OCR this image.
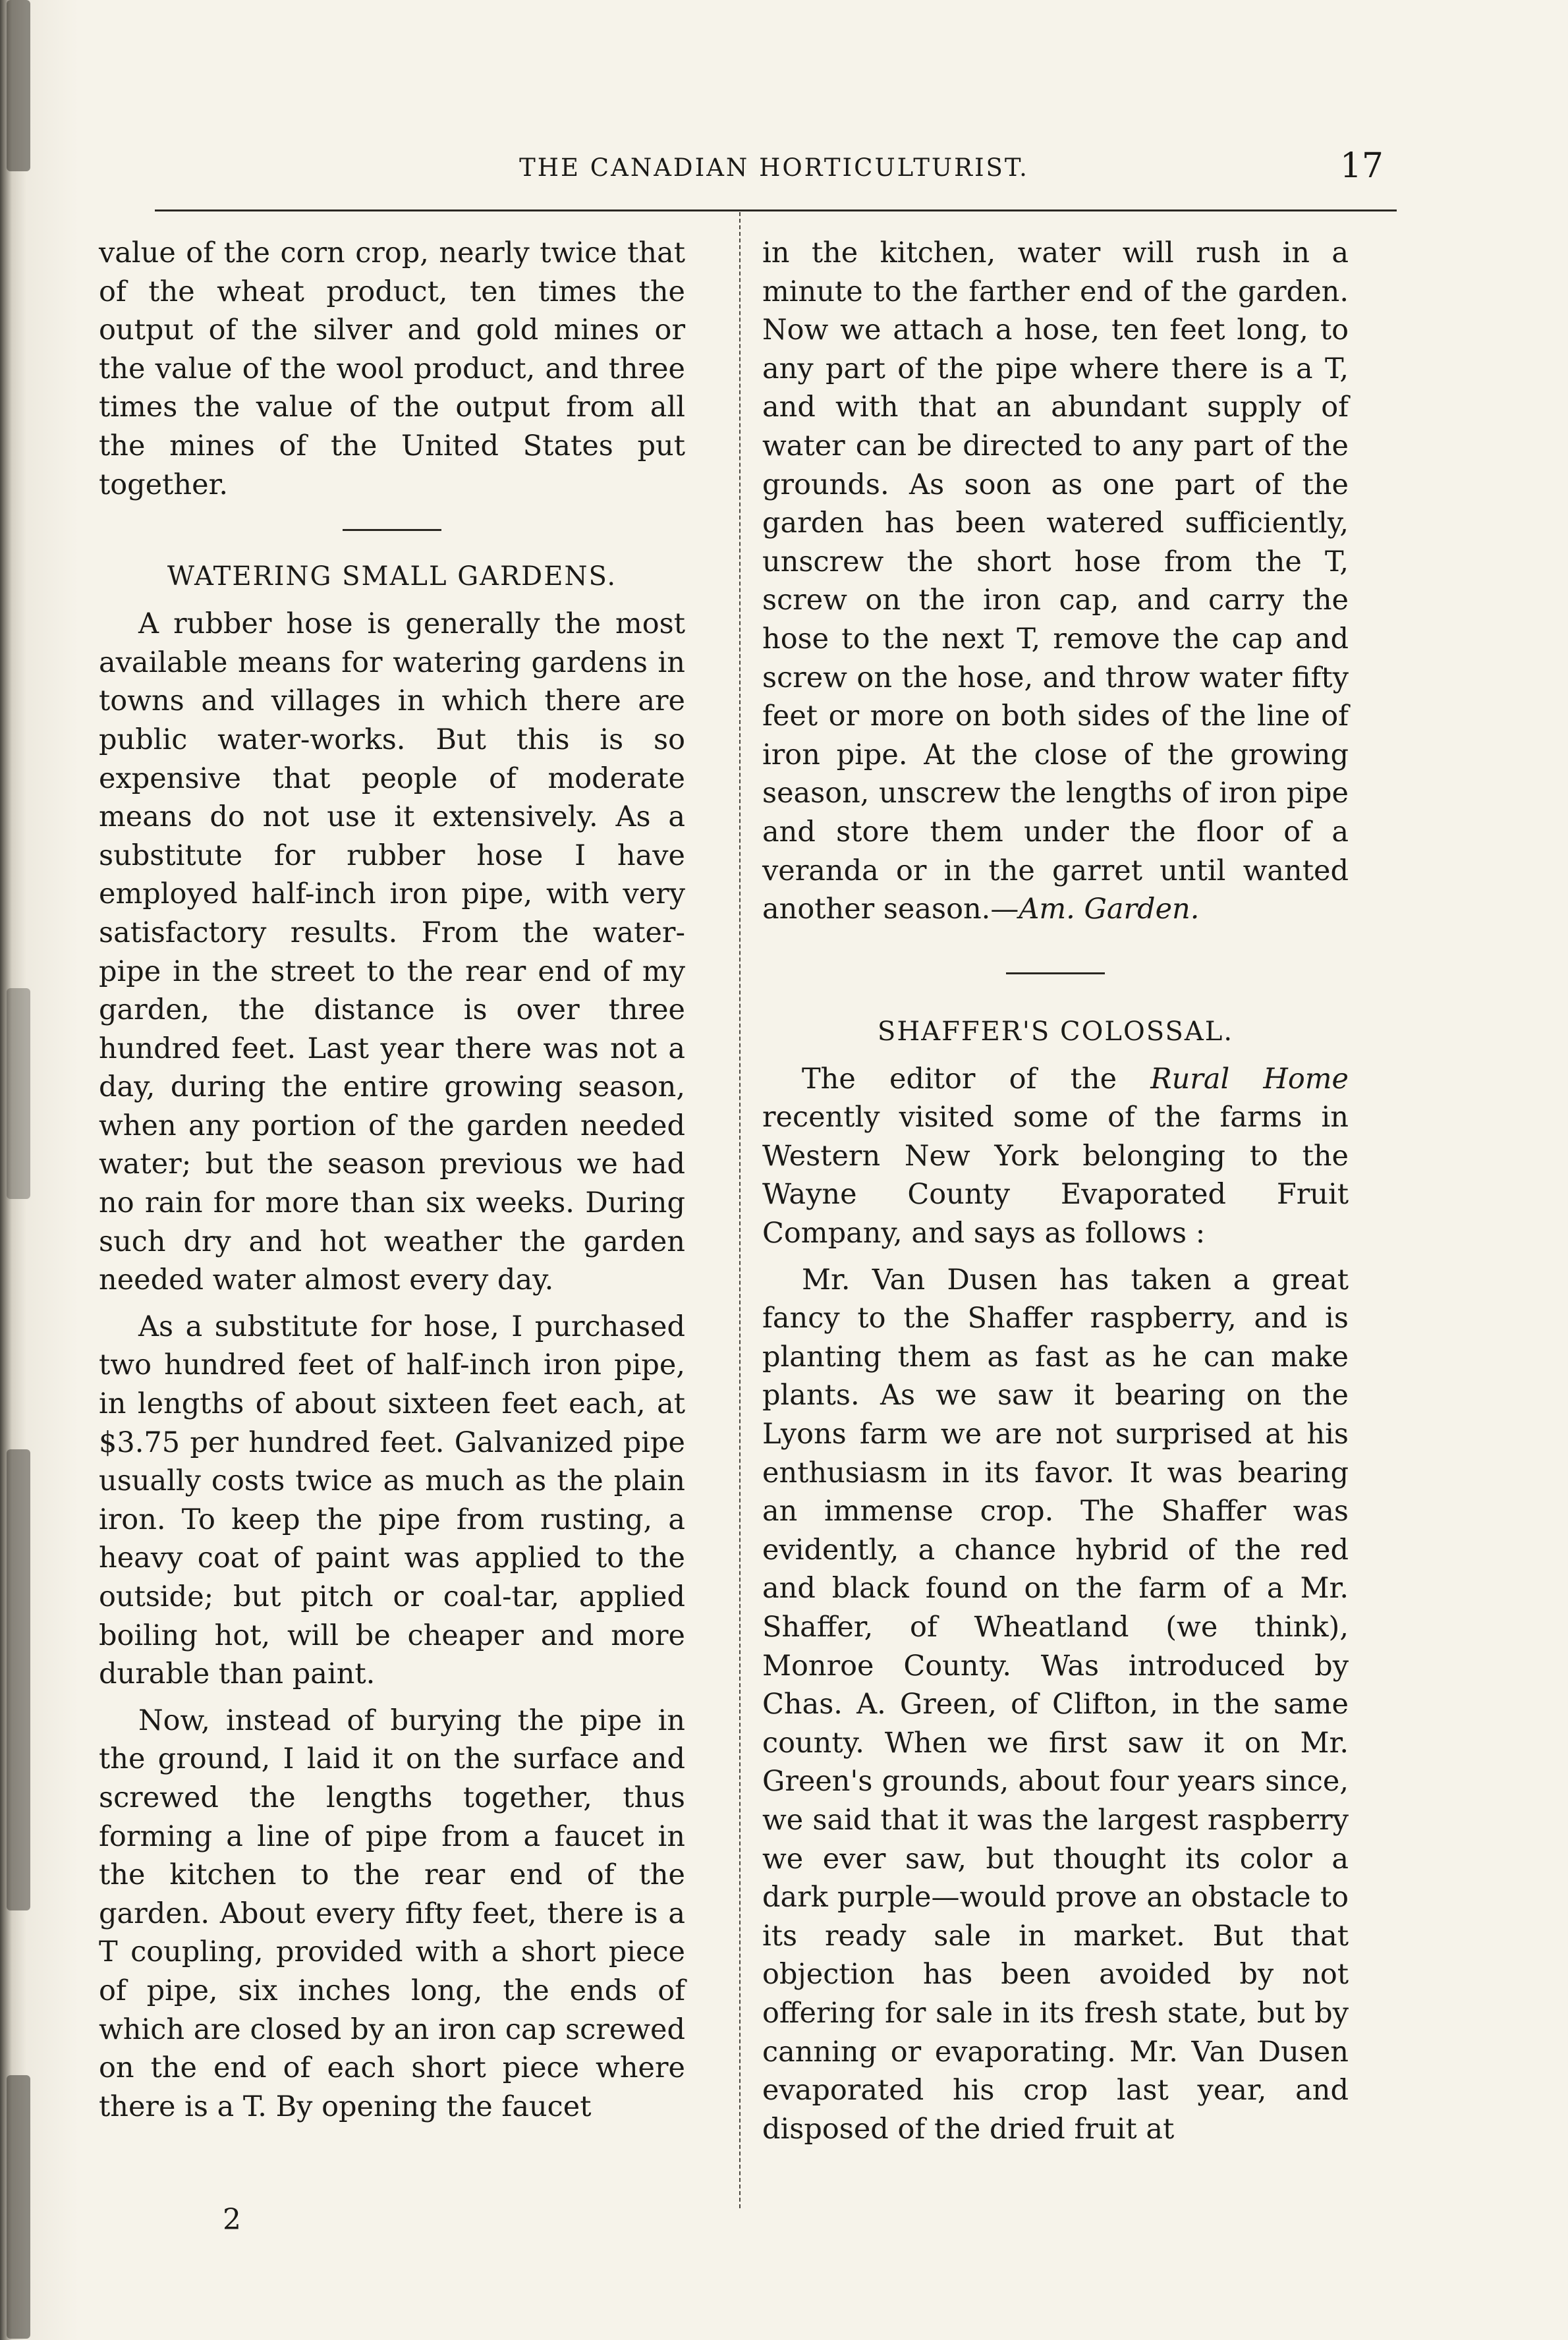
THE CANADIAN HORTICULTURIST.	17

value of the corn crop, nearly twice that of the wheat product, ten times the output of the silver and gold mines or the value of the wool product, and three times the value of the output from all the mines of the United States put together.

WATERING SMALL GARDENS.

A rubber hose is generally the most available means for watering gardens in towns and villages in which there are public water-works. But this is so expensive that people of moderate means do not use it extensively. As a substitute for rubber hose I have employed half-inch iron pipe, with very satisfactory results. From the water-pipe in the street to the rear end of my garden, the distance is over three hundred feet. Last year there was not a day, during the entire growing season, when any portion of the garden needed water; but the season previous we had no rain for more than six weeks. During such dry and hot weather the garden needed water almost every day.

As a substitute for hose, I purchased two hundred feet of half-inch iron pipe, in lengths of about sixteen feet each, at $3.75 per hundred feet. Galvanized pipe usually costs twice as much as the plain iron. To keep the pipe from rusting, a heavy coat of paint was applied to the outside; but pitch or coal-tar, applied boiling hot, will be cheaper and more durable than paint.

Now, instead of burying the pipe in the ground, I laid it on the surface and screwed the lengths together, thus forming a line of pipe from a faucet in the kitchen to the rear end of the garden. About every fifty feet, there is a T coupling, provided with a short piece of pipe, six inches long, the ends of which are closed by an iron cap screwed on the end of each short piece where there is a T. By opening the faucet

in the kitchen, water will rush in a minute to the farther end of the garden. Now we attach a hose, ten feet long, to any part of the pipe where there is a T, and with that an abundant supply of water can be directed to any part of the grounds. As soon as one part of the garden has been watered sufficiently, unscrew the short hose from the T, screw on the iron cap, and carry the hose to the next T, remove the cap and screw on the hose, and throw water fifty feet or more on both sides of the line of iron pipe. At the close of the growing season, unscrew the lengths of iron pipe and store them under the floor of a veranda or in the garret until wanted another season.—Am. Garden.

SHAFFER'S COLOSSAL.

The editor of the Rural Home recently visited some of the farms in Western New York belonging to the Wayne County Evaporated Fruit Company, and says as follows :

Mr. Van Dusen has taken a great fancy to the Shaffer raspberry, and is planting them as fast as he can make plants. As we saw it bearing on the Lyons farm we are not surprised at his enthusiasm in its favor. It was bearing an immense crop. The Shaffer was evidently, a chance hybrid of the red and black found on the farm of a Mr. Shaffer, of Wheatland (we think), Monroe County. Was introduced by Chas. A. Green, of Clifton, in the same county. When we first saw it on Mr. Green's grounds, about four years since, we said that it was the largest raspberry we ever saw, but thought its color a dark purple—would prove an obstacle to its ready sale in market. But that objection has been avoided by not offering for sale in its fresh state, but by canning or evaporating. Mr. Van Dusen evaporated his crop last year, and disposed of the dried fruit at

2
